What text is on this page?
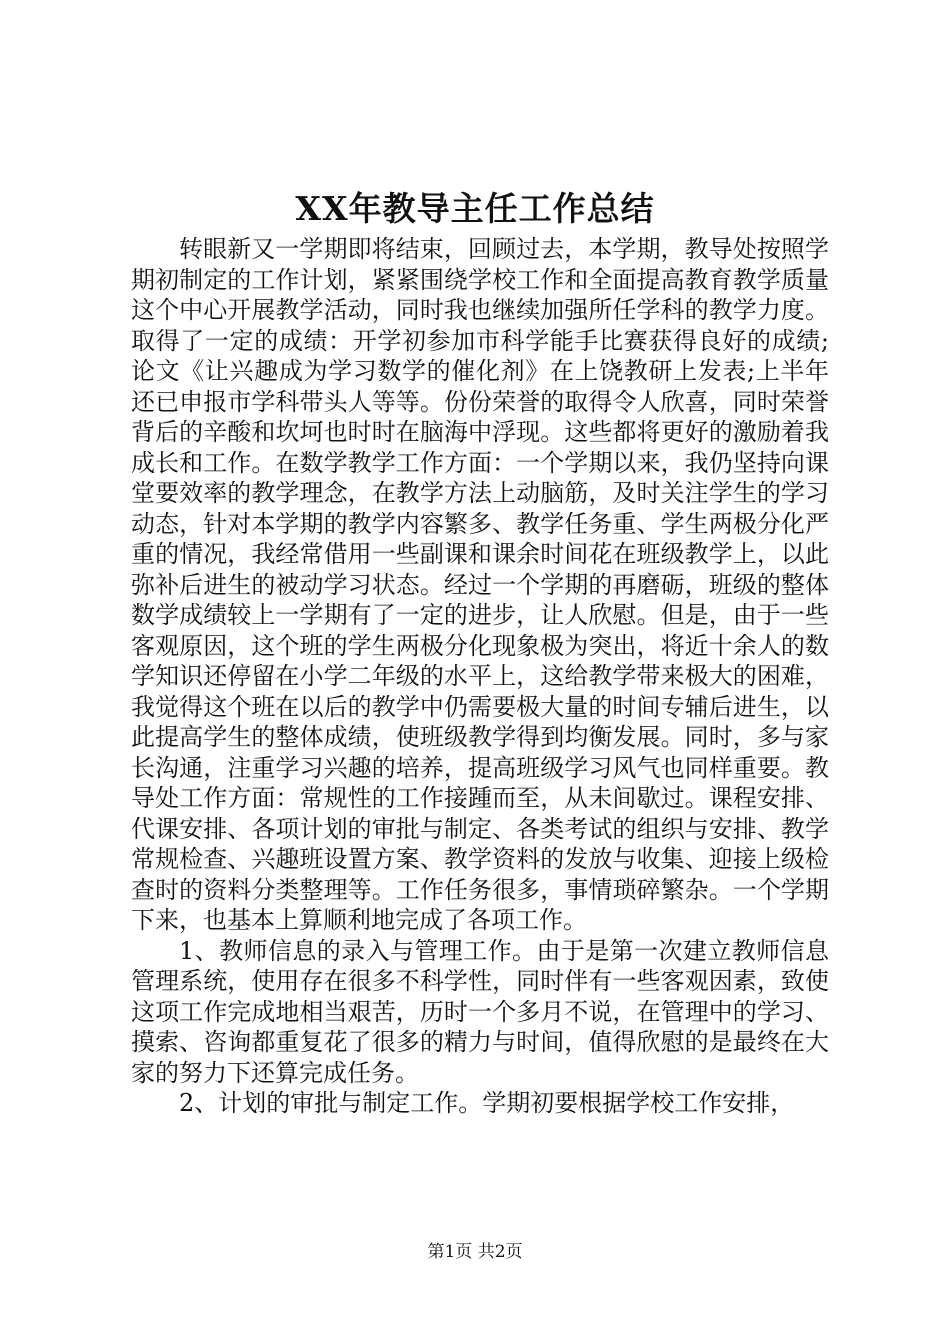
XX年教导主任工作总结

转眼新又一学期即将结束，回顾过去，本学期，教导处按照学期初制定的工作计划，紧紧围绕学校工作和全面提高教育教学质量这个中心开展教学活动，同时我也继续加强所任学科的教学力度。取得了一定的成绩：开学初参加市科学能手比赛获得良好的成绩;论文《让兴趣成为学习数学的催化剂》在上饶教研上发表;上半年还已申报市学科带头人等等。份份荣誉的取得令人欣喜，同时荣誉背后的辛酸和坎坷也时时在脑海中浮现。这些都将更好的激励着我成长和工作。在数学教学工作方面：一个学期以来，我仍坚持向课堂要效率的教学理念，在教学方法上动脑筋，及时关注学生的学习动态，针对本学期的教学内容繁多、教学任务重、学生两极分化严重的情况，我经常借用一些副课和课余时间花在班级教学上，以此弥补后进生的被动学习状态。经过一个学期的再磨砺，班级的整体数学成绩较上一学期有了一定的进步，让人欣慰。但是，由于一些客观原因，这个班的学生两极分化现象极为突出，将近十余人的数学知识还停留在小学二年级的水平上，这给教学带来极大的困难，我觉得这个班在以后的教学中仍需要极大量的时间专辅后进生，以此提高学生的整体成绩，使班级教学得到均衡发展。同时，多与家长沟通，注重学习兴趣的培养，提高班级学习风气也同样重要。教导处工作方面：常规性的工作接踵而至，从未间歇过。课程安排、代课安排、各项计划的审批与制定、各类考试的组织与安排、教学常规检查、兴趣班设置方案、教学资料的发放与收集、迎接上级检查时的资料分类整理等。工作任务很多，事情琐碎繁杂。一个学期下来，也基本上算顺利地完成了各项工作。

1、教师信息的录入与管理工作。由于是第一次建立教师信息管理系统，使用存在很多不科学性，同时伴有一些客观因素，致使这项工作完成地相当艰苦，历时一个多月不说，在管理中的学习、摸索、咨询都重复花了很多的精力与时间，值得欣慰的是最终在大家的努力下还算完成任务。

2、计划的审批与制定工作。学期初要根据学校工作安排，

第1页 共2页
